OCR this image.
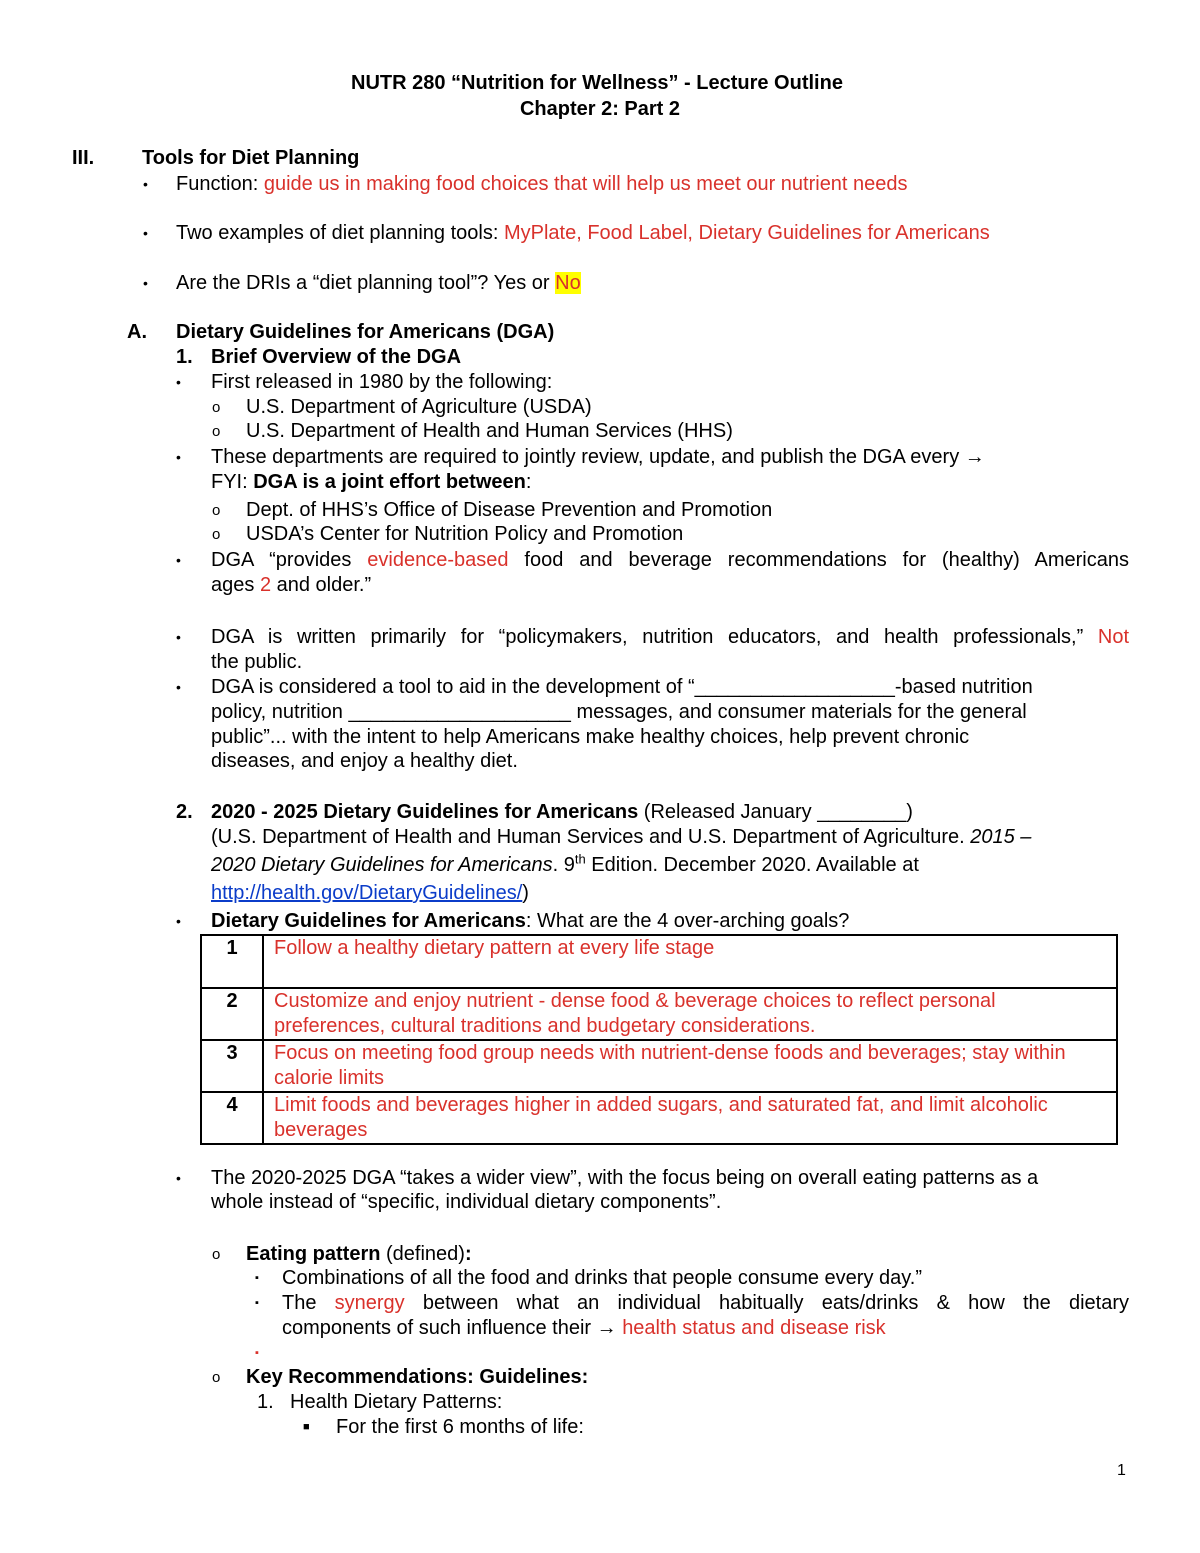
NUTR 280 “Nutrition for Wellness” - Lecture Outline
Chapter 2: Part 2
III. Tools for Diet Planning
• Function: guide us in making food choices that will help us meet our nutrient needs
• Two examples of diet planning tools: MyPlate, Food Label, Dietary Guidelines for Americans
• Are the DRIs a “diet planning tool”? Yes or No
A. Dietary Guidelines for Americans (DGA)
1. Brief Overview of the DGA
• First released in 1980 by the following:
o U.S. Department of Agriculture (USDA)
o U.S. Department of Health and Human Services (HHS)
• These departments are required to jointly review, update, and publish the DGA every →
FYI: DGA is a joint effort between:
o Dept. of HHS’s Office of Disease Prevention and Promotion
o USDA’s Center for Nutrition Policy and Promotion
• DGA “provides evidence-based food and beverage recommendations for (healthy) Americans
ages 2 and older.”
• DGA is written primarily for “policymakers, nutrition educators, and health professionals,” Not
the public.
• DGA is considered a tool to aid in the development of “__________________-based nutrition
policy, nutrition ____________________ messages, and consumer materials for the general
public”... with the intent to help Americans make healthy choices, help prevent chronic
diseases, and enjoy a healthy diet.
2. 2020 - 2025 Dietary Guidelines for Americans (Released January ________)
(U.S. Department of Health and Human Services and U.S. Department of Agriculture. 2015 –
2020 Dietary Guidelines for Americans. 9th Edition. December 2020. Available at
http://health.gov/DietaryGuidelines/)
• Dietary Guidelines for Americans: What are the 4 over-arching goals?
1	Follow a healthy dietary pattern at every life stage
2	Customize and enjoy nutrient - dense food & beverage choices to reflect personal preferences, cultural traditions and budgetary considerations.
3	Focus on meeting food group needs with nutrient-dense foods and beverages; stay within calorie limits
4	Limit foods and beverages higher in added sugars, and saturated fat, and limit alcoholic beverages
• The 2020-2025 DGA “takes a wider view”, with the focus being on overall eating patterns as a
whole instead of “specific, individual dietary components”.
o Eating pattern (defined):
▪ Combinations of all the food and drinks that people consume every day.”
▪ The synergy between what an individual habitually eats/drinks & how the dietary
components of such influence their → health status and disease risk
▪
o Key Recommendations: Guidelines:
1. Health Dietary Patterns:
■ For the first 6 months of life:
1
